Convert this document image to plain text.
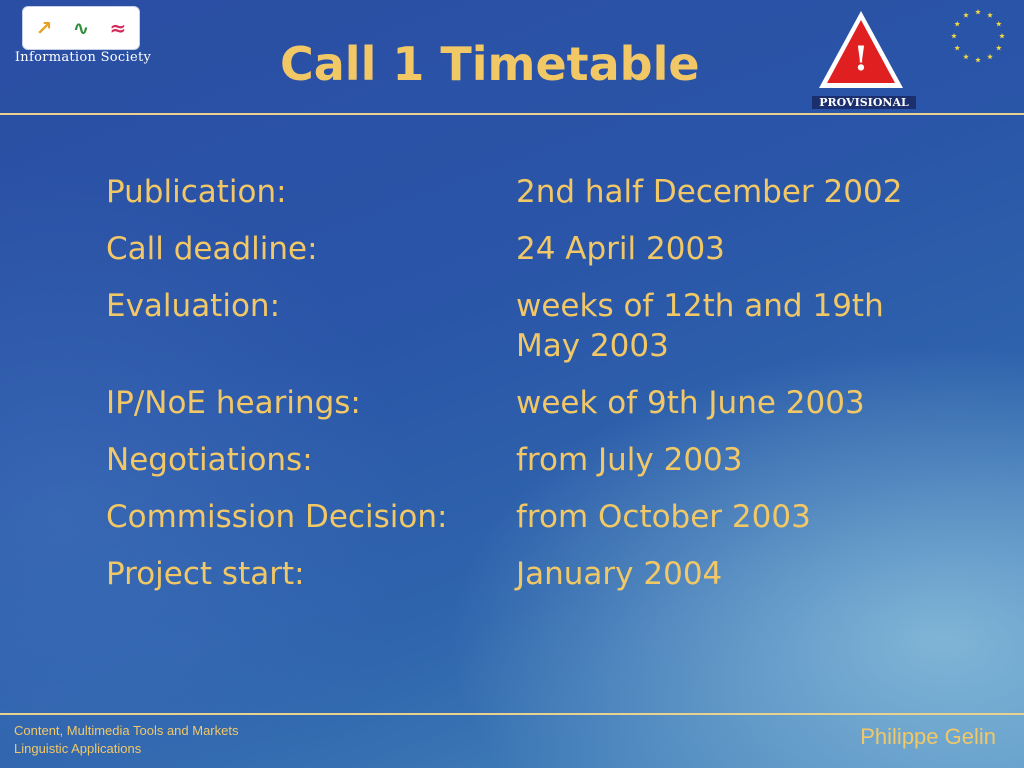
↗	∿	≈
Information Society	Call 1 Timetable	!
PROVISIONAL
Publication:	2nd half December 2002
Call deadline:	24 April 2003
Evaluation:	weeks of 12th and 19th May 2003
IP/NoE hearings:	week of 9th June 2003
Negotiations:	from July 2003
Commission Decision:	from October 2003
Project start:	January 2004
Content, Multimedia Tools and Markets
Linguistic Applications	Philippe Gelin
